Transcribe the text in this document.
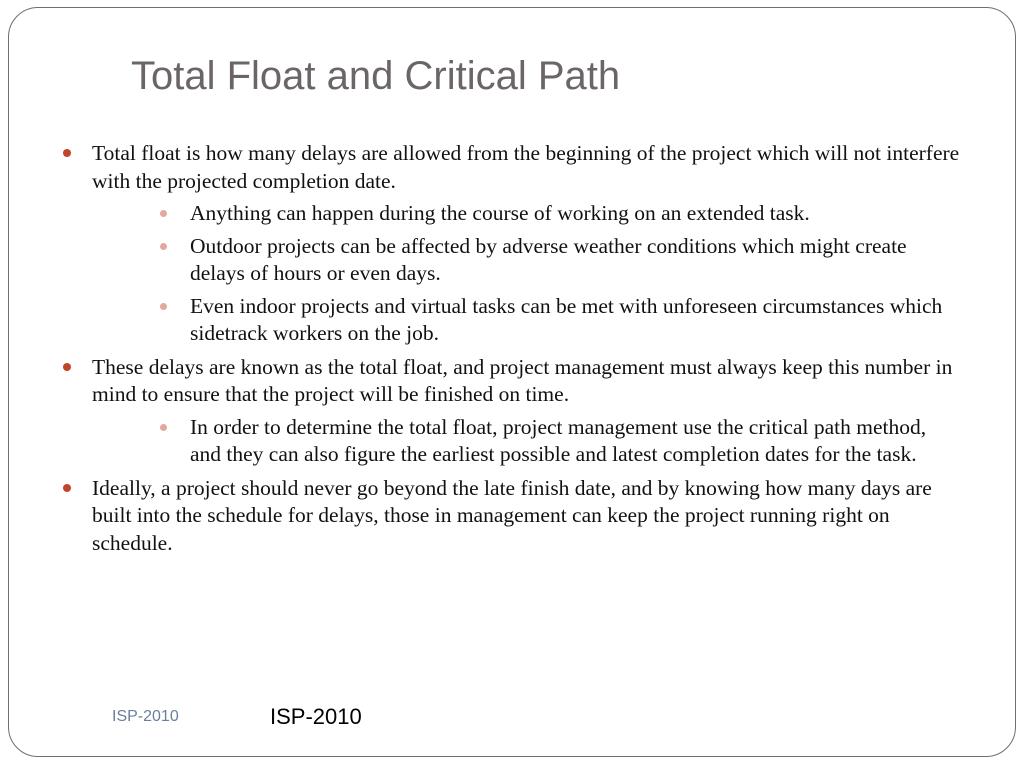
Total Float and Critical Path
Total float is how many delays are allowed from the beginning of the project which will not interfere with the projected completion date.
Anything can happen during the course of working on an extended task.
Outdoor projects can be affected by adverse weather conditions which might create delays of hours or even days.
Even indoor projects and virtual tasks can be met with unforeseen circumstances which sidetrack workers on the job.
These delays are known as the total float, and project management must always keep this number in mind to ensure that the project will be finished on time.
In order to determine the total float, project management use the critical path method, and they can also figure the earliest possible and latest completion dates for the task.
Ideally, a project should never go beyond the late finish date, and by knowing how many days are built into the schedule for delays, those in management can keep the project running right on schedule.
ISP-2010	ISP-2010
